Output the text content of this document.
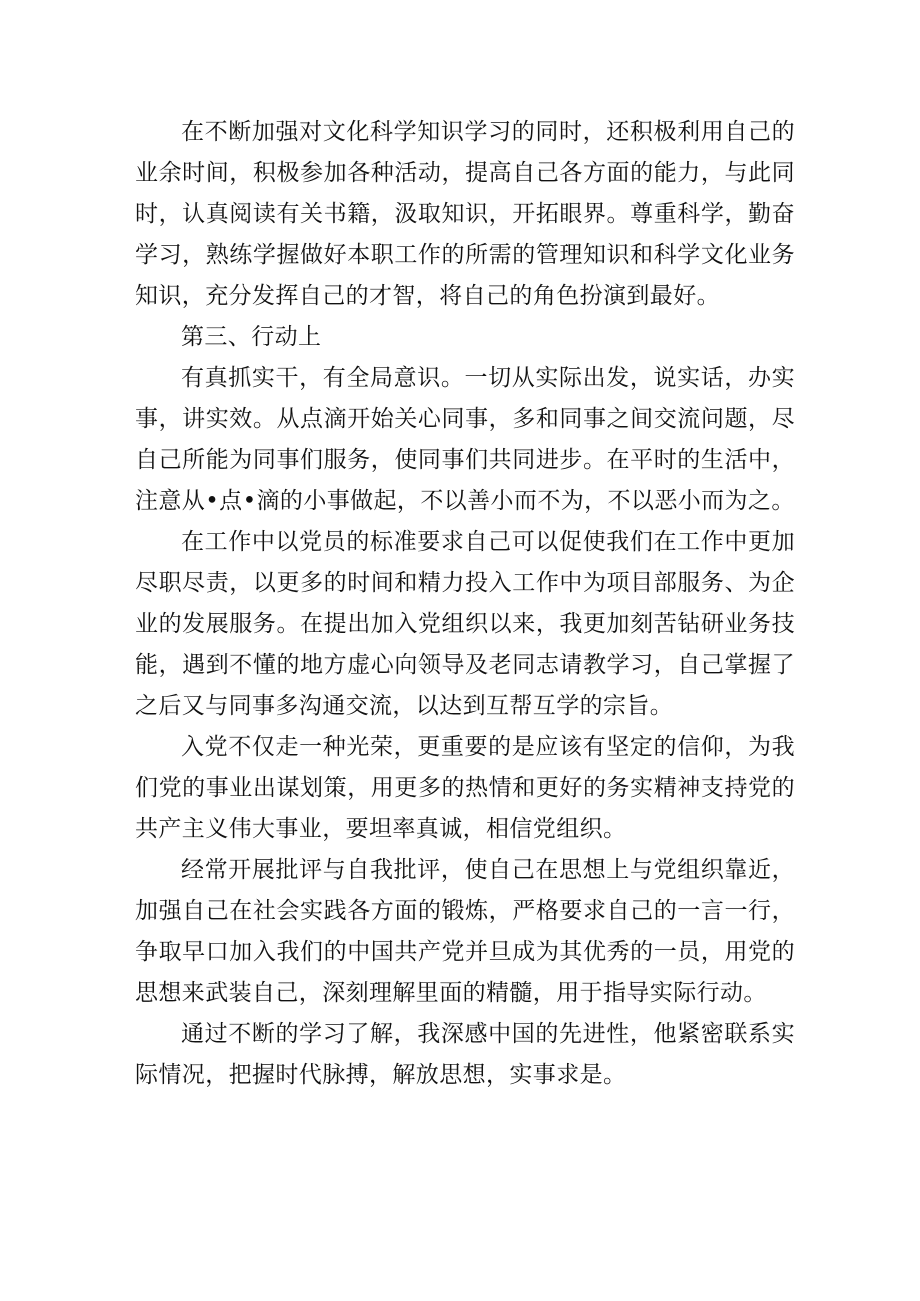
在不断加强对文化科学知识学习的同时，还积极利用自己的业余时间，积极参加各种活动，提高自己各方面的能力，与此同时，认真阅读有关书籍，汲取知识，开拓眼界。尊重科学，勤奋学习，熟练学握做好本职工作的所需的管理知识和科学文化业务知识，充分发挥自己的才智，将自己的角色扮演到最好。

第三、行动上

有真抓实干，有全局意识。一切从实际出发，说实话，办实事，讲实效。从点滴开始关心同事，多和同事之间交流问题，尽自己所能为同事们服务，使同事们共同进步。在平时的生活中，注意从•点•滴的小事做起，不以善小而不为，不以恶小而为之。

在工作中以党员的标准要求自己可以促使我们在工作中更加尽职尽责，以更多的时间和精力投入工作中为项目部服务、为企业的发展服务。在提出加入党组织以来，我更加刻苦钻研业务技能，遇到不懂的地方虚心向领导及老同志请教学习，自己掌握了之后又与同事多沟通交流，以达到互帮互学的宗旨。

入党不仅走一种光荣，更重要的是应该有坚定的信仰，为我们党的事业出谋划策，用更多的热情和更好的务实精神支持党的共产主义伟大事业，要坦率真诚，相信党组织。

经常开展批评与自我批评，使自己在思想上与党组织靠近，加强自己在社会实践各方面的锻炼，严格要求自己的一言一行，争取早口加入我们的中国共产党并旦成为其优秀的一员，用党的思想来武装自己，深刻理解里面的精髓，用于指导实际行动。

通过不断的学习了解，我深感中国的先进性，他紧密联系实际情况，把握时代脉搏，解放思想，实事求是。
